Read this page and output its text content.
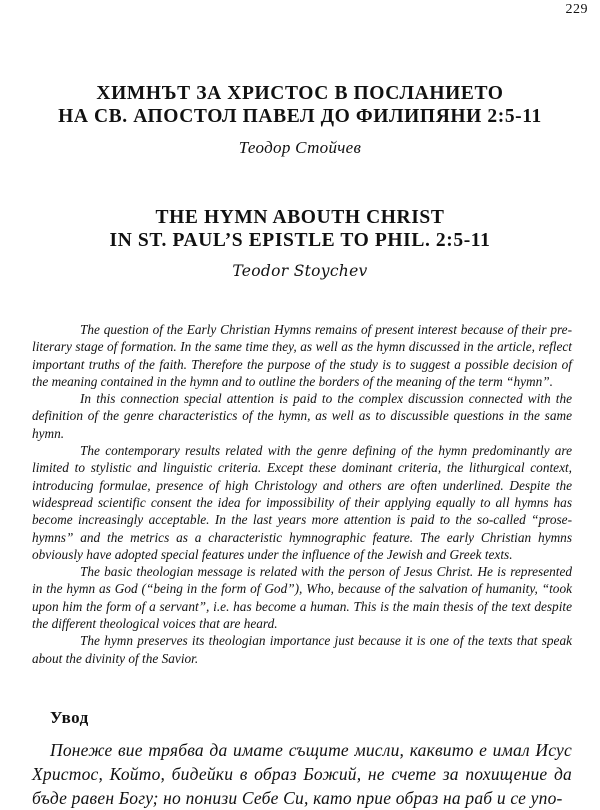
229
ХИМНЪТ ЗА ХРИСТОС В ПОСЛАНИЕТО
НА СВ. АПОСТОЛ ПАВЕЛ ДО ФИЛИПЯНИ 2:5-11
Теодор Стойчев
THE HYMN ABOUTH CHRIST
IN ST. PAUL’S EPISTLE TO PHIL. 2:5-11
Teodor Stoychev

The question of the Early Christian Hymns remains of present interest because of their pre-literary stage of formation. In the same time they, as well as the hymn discussed in the article, reflect important truths of the faith. Therefore the purpose of the study is to suggest a possible decision of the meaning contained in the hymn and to outline the borders of the meaning of the term “hymn”.

In this connection special attention is paid to the complex discussion connected with the definition of the genre characteristics of the hymn, as well as to discussible questions in the same hymn.

The contemporary results related with the genre defining of the hymn predominantly are limited to stylistic and linguistic criteria. Except these dominant criteria, the lithurgical context, introducing formulae, presence of high Christology and others are often underlined. Despite the widespread scientific consent the idea for impossibility of their applying equally to all hymns has become increasingly acceptable. In the last years more attention is paid to the so-called “prose-hymns” and the metrics as a characteristic hymnographic feature. The early Christian hymns obviously have adopted special features under the influence of the Jewish and Greek texts.

The basic theologian message is related with the person of Jesus Christ. He is represented in the hymn as God (“being in the form of God”), Who, because of the salvation of humanity, “took upon him the form of a servant”, i.e. has become a human. This is the main thesis of the text despite the different theological voices that are heard.

The hymn preserves its theologian importance just because it is one of the texts that speak about the divinity of the Savior.

Увод

Понеже вие трябва да имате същите мисли, каквито е имал Исус Христос, Който, бидейки в образ Божий, не счете за похищение да бъде равен Богу; но понизи Себе Си, като прие образ на раб и се упо-
